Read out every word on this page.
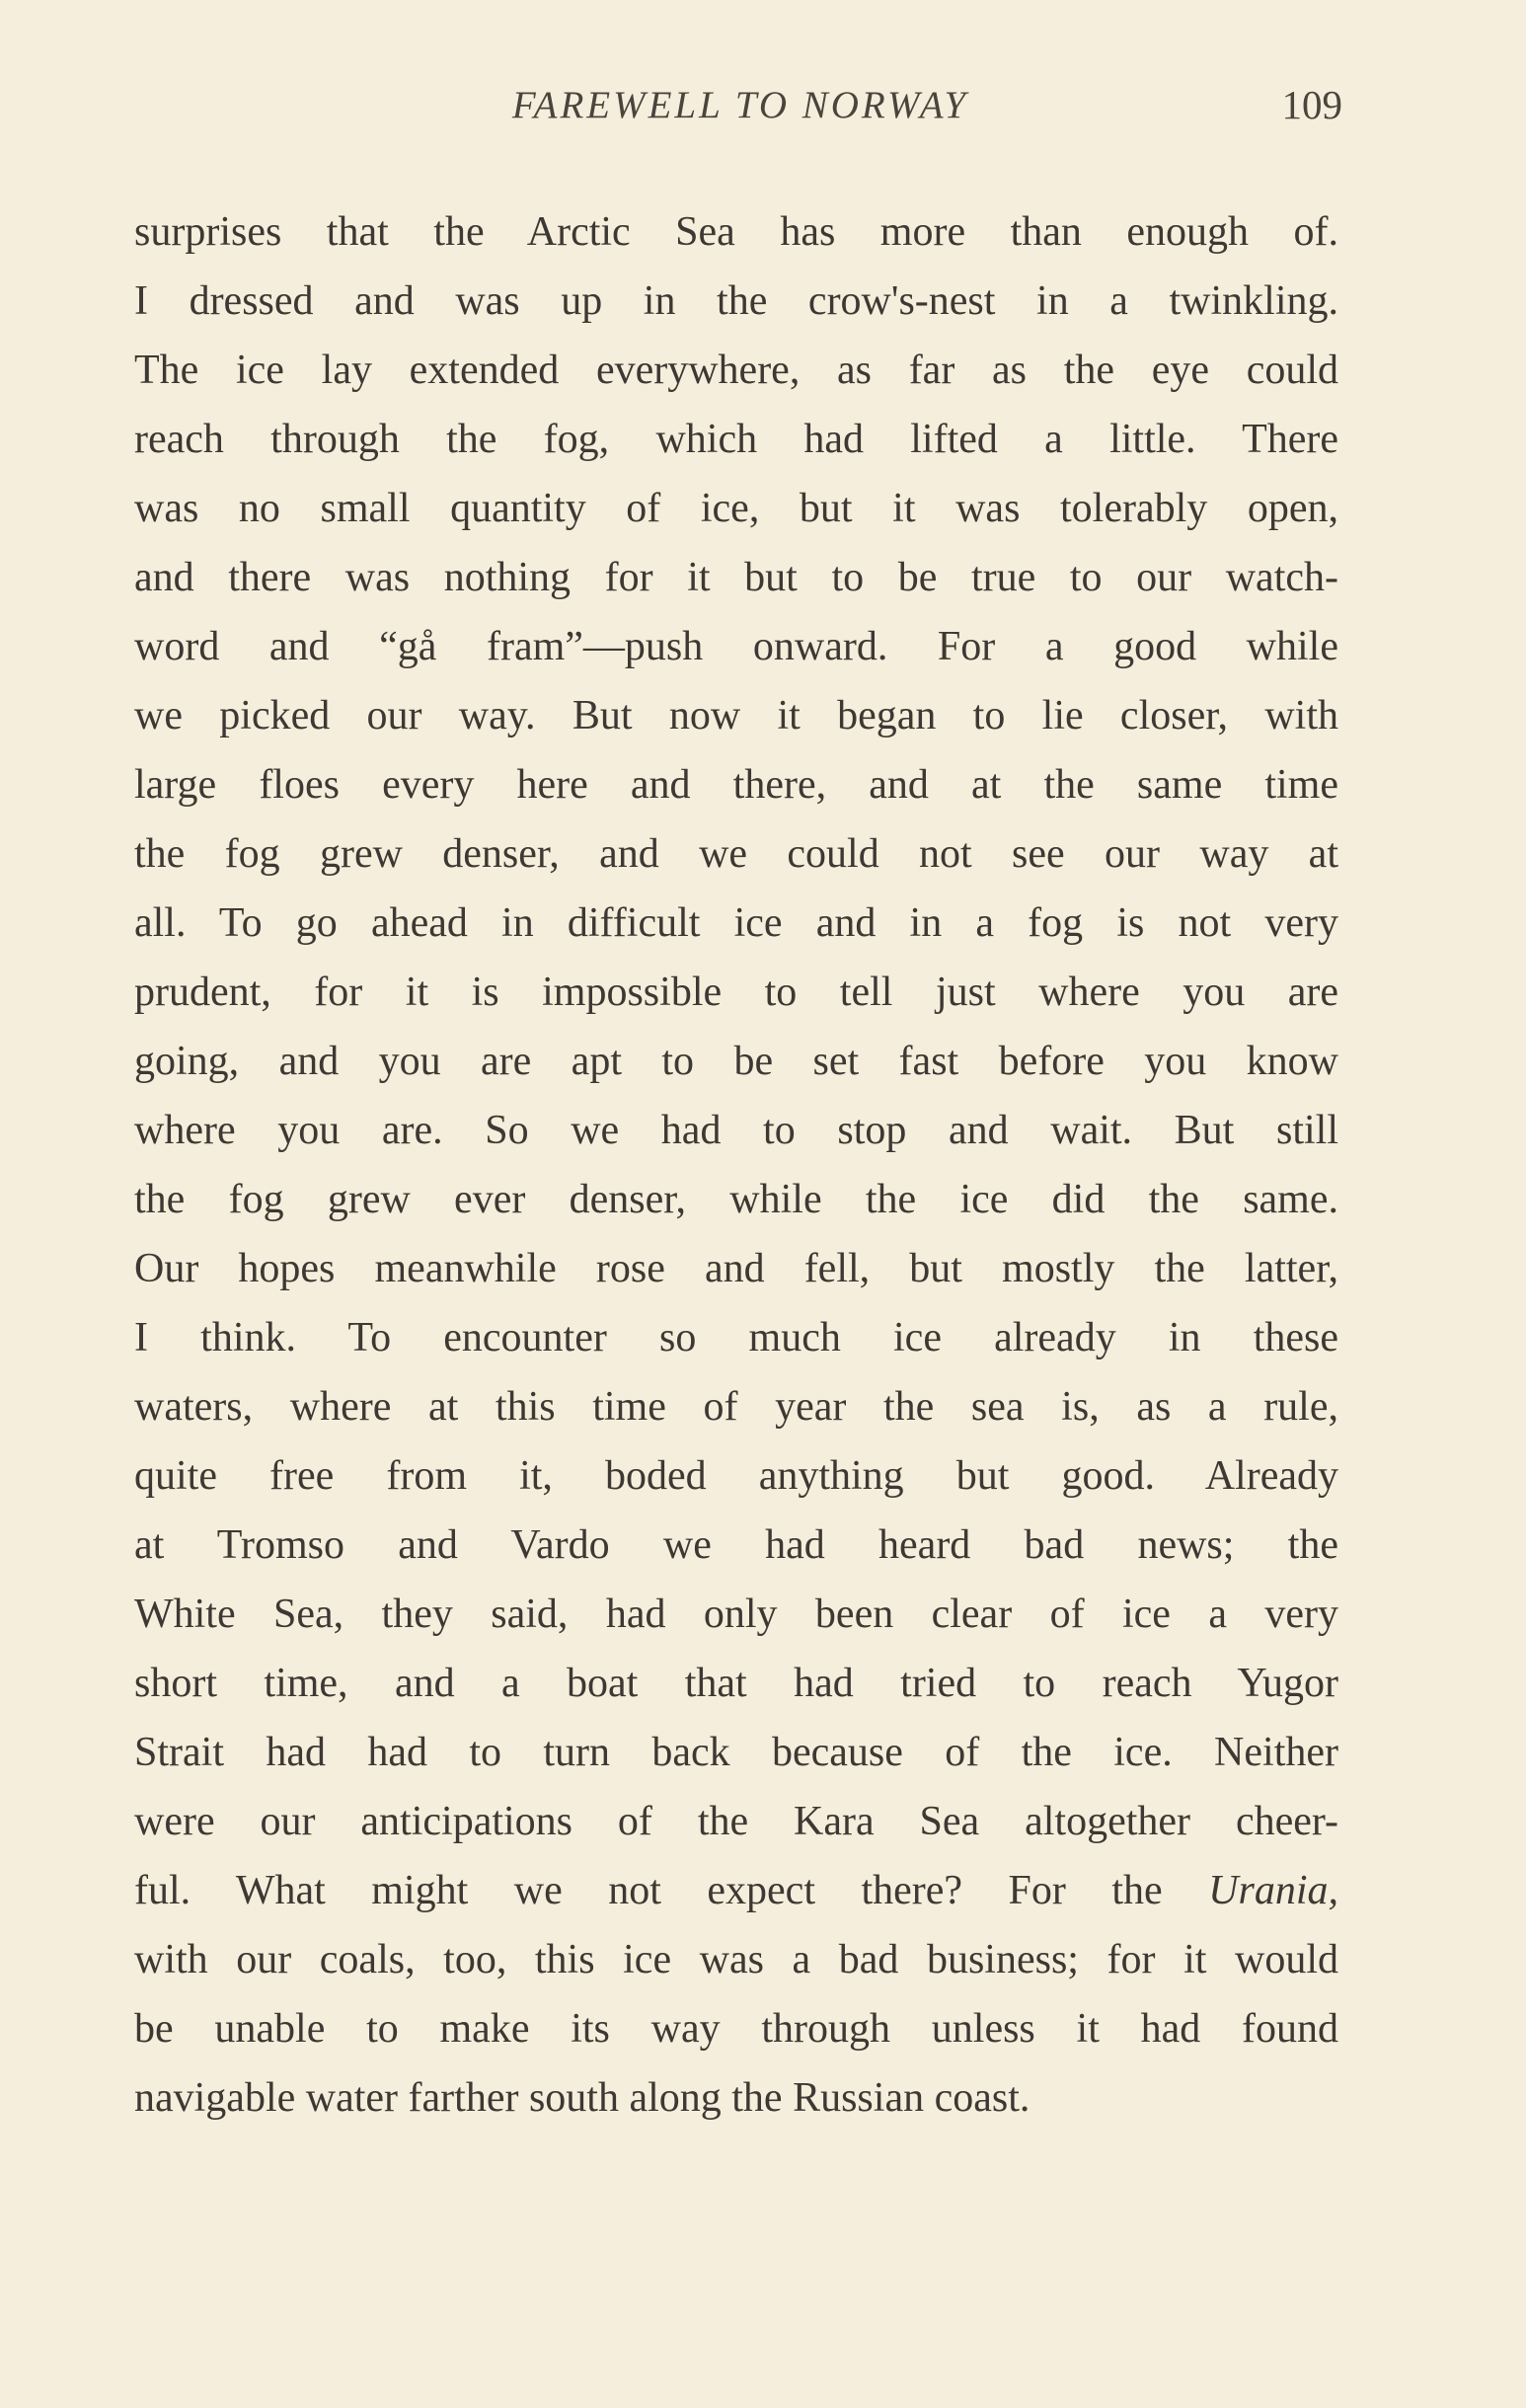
FAREWELL TO NORWAY	109
surprises that the Arctic Sea has more than enough of.
I dressed and was up in the crow's-nest in a twinkling.
The ice lay extended everywhere, as far as the eye could
reach through the fog, which had lifted a little. There
was no small quantity of ice, but it was tolerably open,
and there was nothing for it but to be true to our watch-
word and “gå fram”—push onward. For a good while
we picked our way. But now it began to lie closer, with
large floes every here and there, and at the same time
the fog grew denser, and we could not see our way at
all. To go ahead in difficult ice and in a fog is not very
prudent, for it is impossible to tell just where you are
going, and you are apt to be set fast before you know
where you are. So we had to stop and wait. But still
the fog grew ever denser, while the ice did the same.
Our hopes meanwhile rose and fell, but mostly the latter,
I think. To encounter so much ice already in these
waters, where at this time of year the sea is, as a rule,
quite free from it, boded anything but good. Already
at Tromso and Vardo we had heard bad news; the
White Sea, they said, had only been clear of ice a very
short time, and a boat that had tried to reach Yugor
Strait had had to turn back because of the ice. Neither
were our anticipations of the Kara Sea altogether cheer-
ful. What might we not expect there? For the Urania,
with our coals, too, this ice was a bad business; for it would
be unable to make its way through unless it had found
navigable water farther south along the Russian coast.
